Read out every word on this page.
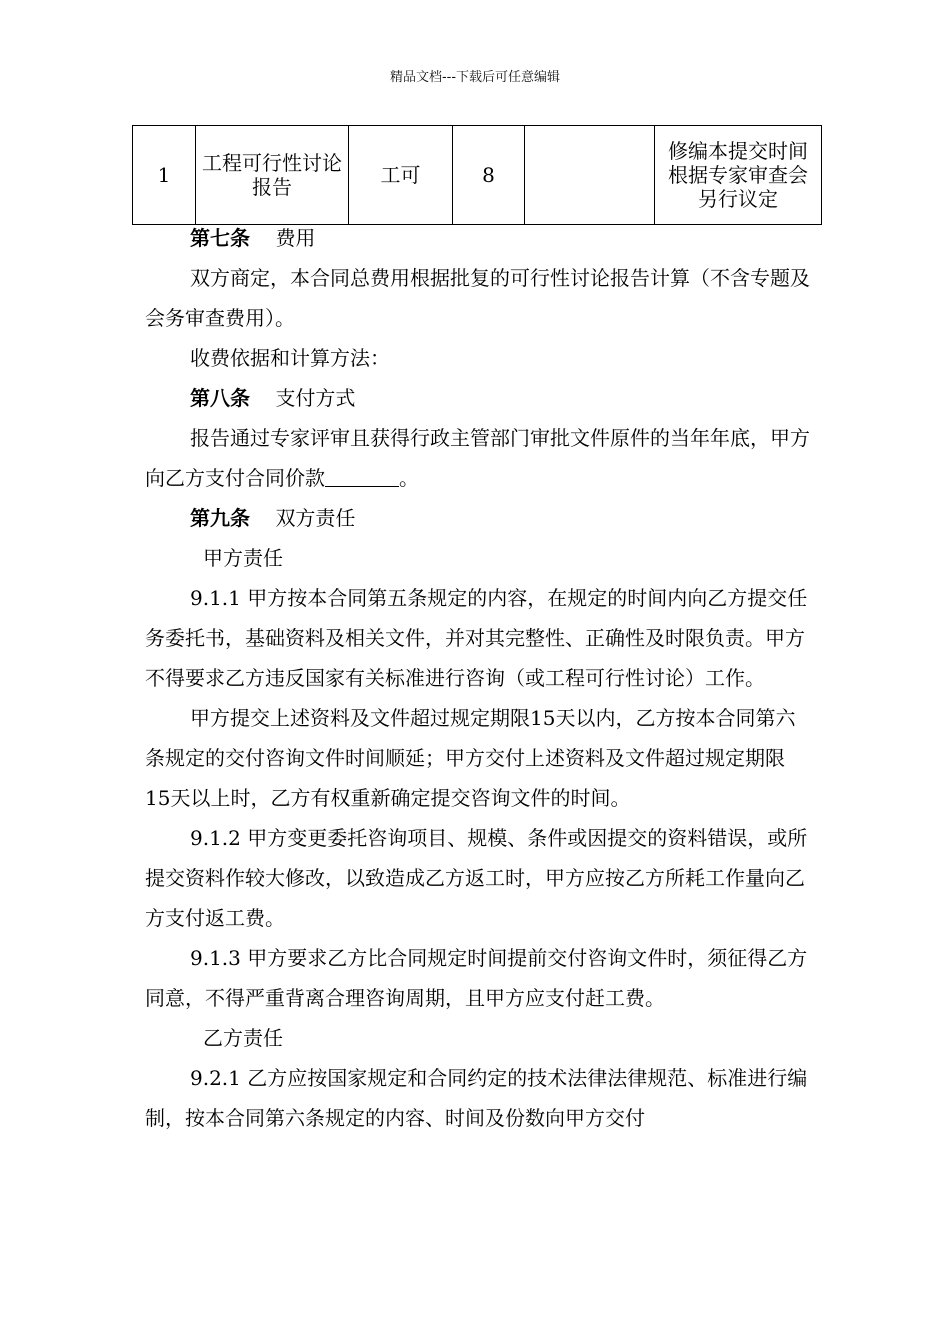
精品文档---下载后可任意编辑
1	工程可行性讨论报告	工可	8		修编本提交时间根据专家审查会另行议定

第七条 费用

双方商定，本合同总费用根据批复的可行性讨论报告计算（不含专题及会务审查费用）。

收费依据和计算方法：

第八条 支付方式

报告通过专家评审且获得行政主管部门审批文件原件的当年年底，甲方向乙方支付合同价款	。

第九条 双方责任

甲方责任

9.1.1 甲方按本合同第五条规定的内容，在规定的时间内向乙方提交任务委托书，基础资料及相关文件，并对其完整性、正确性及时限负责。甲方不得要求乙方违反国家有关标准进行咨询（或工程可行性讨论）工作。

甲方提交上述资料及文件超过规定期限15天以内，乙方按本合同第六条规定的交付咨询文件时间顺延；甲方交付上述资料及文件超过规定期限15天以上时，乙方有权重新确定提交咨询文件的时间。

9.1.2 甲方变更委托咨询项目、规模、条件或因提交的资料错误，或所提交资料作较大修改，以致造成乙方返工时，甲方应按乙方所耗工作量向乙方支付返工费。

9.1.3 甲方要求乙方比合同规定时间提前交付咨询文件时，须征得乙方同意，不得严重背离合理咨询周期，且甲方应支付赶工费。

乙方责任

9.2.1 乙方应按国家规定和合同约定的技术法律法律规范、标准进行编制，按本合同第六条规定的内容、时间及份数向甲方交付
